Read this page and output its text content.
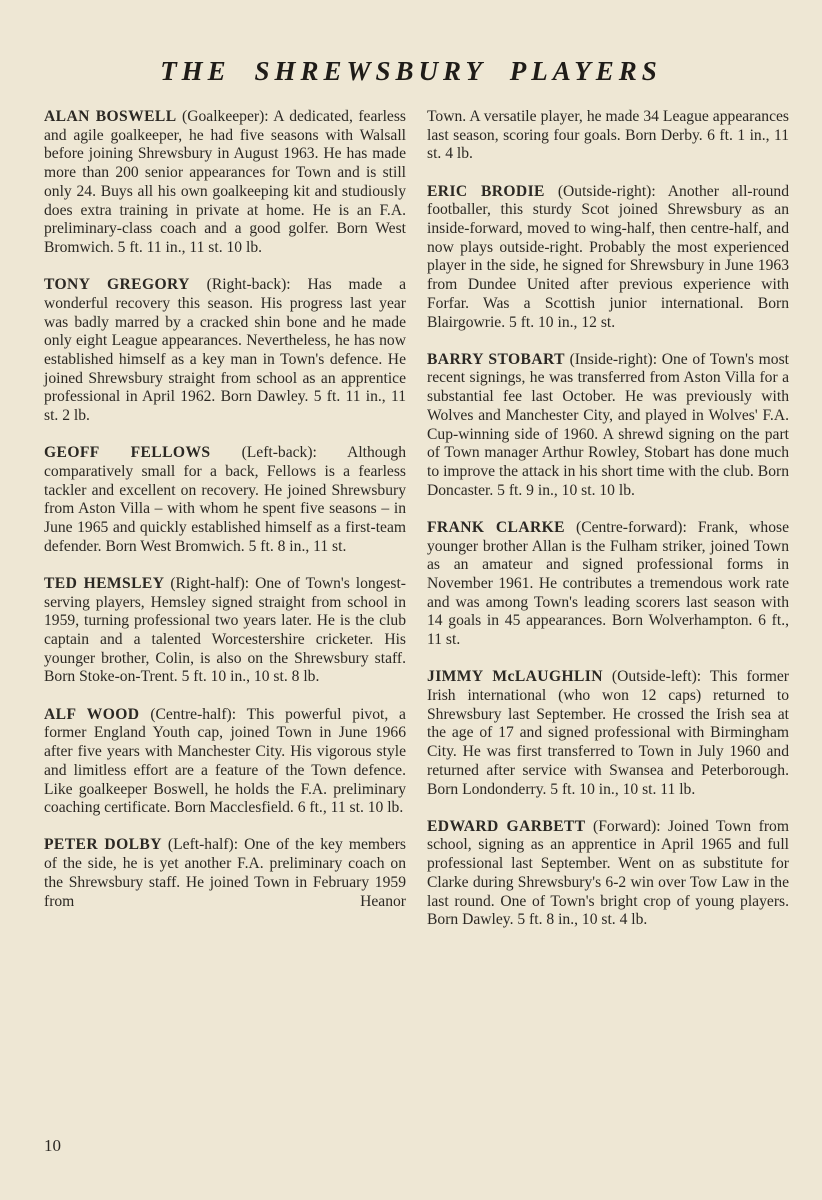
THE SHREWSBURY PLAYERS

ALAN BOSWELL (Goalkeeper): A dedicated, fearless and agile goalkeeper, he had five seasons with Walsall before joining Shrewsbury in August 1963. He has made more than 200 senior appearances for Town and is still only 24. Buys all his own goalkeeping kit and studiously does extra training in private at home. He is an F.A. preliminary-class coach and a good golfer. Born West Bromwich. 5 ft. 11 in., 11 st. 10 lb.

TONY GREGORY (Right-back): Has made a wonderful recovery this season. His progress last year was badly marred by a cracked shin bone and he made only eight League appearances. Nevertheless, he has now established himself as a key man in Town's defence. He joined Shrewsbury straight from school as an apprentice professional in April 1962. Born Dawley. 5 ft. 11 in., 11 st. 2 lb.

GEOFF FELLOWS (Left-back): Although comparatively small for a back, Fellows is a fearless tackler and excellent on recovery. He joined Shrewsbury from Aston Villa – with whom he spent five seasons – in June 1965 and quickly established himself as a first-team defender. Born West Bromwich. 5 ft. 8 in., 11 st.

TED HEMSLEY (Right-half): One of Town's longest-serving players, Hemsley signed straight from school in 1959, turning professional two years later. He is the club captain and a talented Worcestershire cricketer. His younger brother, Colin, is also on the Shrewsbury staff. Born Stoke-on-Trent. 5 ft. 10 in., 10 st. 8 lb.

ALF WOOD (Centre-half): This powerful pivot, a former England Youth cap, joined Town in June 1966 after five years with Manchester City. His vigorous style and limitless effort are a feature of the Town defence. Like goalkeeper Boswell, he holds the F.A. preliminary coaching certificate. Born Macclesfield. 6 ft., 11 st. 10 lb.

PETER DOLBY (Left-half): One of the key members of the side, he is yet another F.A. preliminary coach on the Shrewsbury staff. He joined Town in February 1959 from Heanor

Town. A versatile player, he made 34 League appearances last season, scoring four goals. Born Derby. 6 ft. 1 in., 11 st. 4 lb.

ERIC BRODIE (Outside-right): Another all-round footballer, this sturdy Scot joined Shrewsbury as an inside-forward, moved to wing-half, then centre-half, and now plays outside-right. Probably the most experienced player in the side, he signed for Shrewsbury in June 1963 from Dundee United after previous experience with Forfar. Was a Scottish junior international. Born Blairgowrie. 5 ft. 10 in., 12 st.

BARRY STOBART (Inside-right): One of Town's most recent signings, he was transferred from Aston Villa for a substantial fee last October. He was previously with Wolves and Manchester City, and played in Wolves' F.A. Cup-winning side of 1960. A shrewd signing on the part of Town manager Arthur Rowley, Stobart has done much to improve the attack in his short time with the club. Born Doncaster. 5 ft. 9 in., 10 st. 10 lb.

FRANK CLARKE (Centre-forward): Frank, whose younger brother Allan is the Fulham striker, joined Town as an amateur and signed professional forms in November 1961. He contributes a tremendous work rate and was among Town's leading scorers last season with 14 goals in 45 appearances. Born Wolverhampton. 6 ft., 11 st.

JIMMY McLAUGHLIN (Outside-left): This former Irish international (who won 12 caps) returned to Shrewsbury last September. He crossed the Irish sea at the age of 17 and signed professional with Birmingham City. He was first transferred to Town in July 1960 and returned after service with Swansea and Peterborough. Born Londonderry. 5 ft. 10 in., 10 st. 11 lb.

EDWARD GARBETT (Forward): Joined Town from school, signing as an apprentice in April 1965 and full professional last September. Went on as substitute for Clarke during Shrewsbury's 6-2 win over Tow Law in the last round. One of Town's bright crop of young players. Born Dawley. 5 ft. 8 in., 10 st. 4 lb.

10
